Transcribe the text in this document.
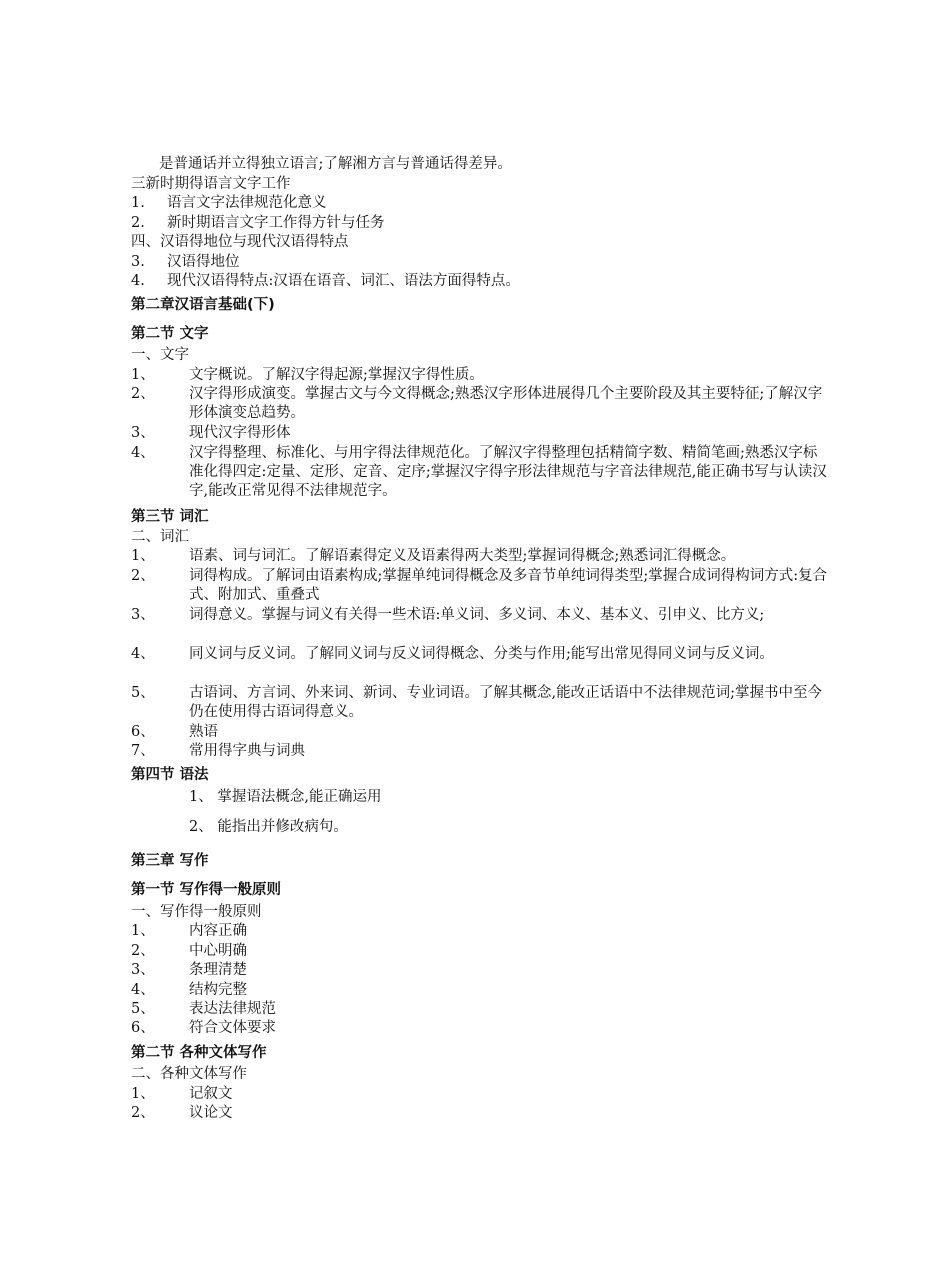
是普通话并立得独立语言;了解湘方言与普通话得差异。
三新时期得语言文字工作
1.	语言文字法律规范化意义
2.	新时期语言文字工作得方针与任务
四、汉语得地位与现代汉语得特点
3.	汉语得地位
4.	现代汉语得特点:汉语在语音、词汇、语法方面得特点。
第二章汉语言基础(下)
第二节 文字
一、文字
1、	文字概说。了解汉字得起源;掌握汉字得性质。
2、	汉字得形成演变。掌握古文与今文得概念;熟悉汉字形体进展得几个主要阶段及其主要特征;了解汉字形体演变总趋势。
3、	现代汉字得形体
4、	汉字得整理、标准化、与用字得法律规范化。了解汉字得整理包括精简字数、精简笔画;熟悉汉字标准化得四定:定量、定形、定音、定序;掌握汉字得字形法律规范与字音法律规范,能正确书写与认读汉字,能改正常见得不法律规范字。
第三节 词汇
二、词汇
1、	语素、词与词汇。了解语素得定义及语素得两大类型;掌握词得概念;熟悉词汇得概念。
2、	词得构成。了解词由语素构成;掌握单纯词得概念及多音节单纯词得类型;掌握合成词得构词方式:复合式、附加式、重叠式
3、	词得意义。掌握与词义有关得一些术语:单义词、多义词、本义、基本义、引申义、比方义;
4、	同义词与反义词。了解同义词与反义词得概念、分类与作用;能写出常见得同义词与反义词。
5、	古语词、方言词、外来词、新词、专业词语。了解其概念,能改正话语中不法律规范词;掌握书中至今仍在使用得古语词得意义。
6、	熟语
7、	常用得字典与词典
第四节 语法
1、 掌握语法概念,能正确运用
2、 能指出并修改病句。
第三章 写作
第一节 写作得一般原则
一、写作得一般原则
1、	内容正确
2、	中心明确
3、	条理清楚
4、	结构完整
5、	表达法律规范
6、	符合文体要求
第二节 各种文体写作
二、各种文体写作
1、	记叙文
2、	议论文
